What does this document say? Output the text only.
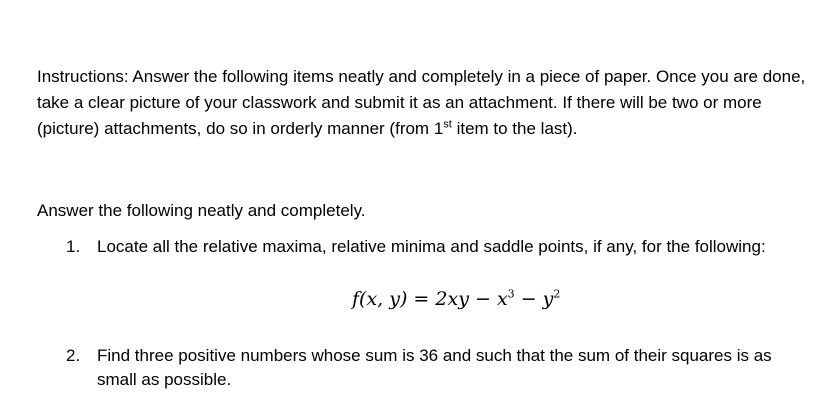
Instructions: Answer the following items neatly and completely in a piece of paper. Once you are done, take a clear picture of your classwork and submit it as an attachment. If there will be two or more (picture) attachments, do so in orderly manner (from 1st item to the last).
Answer the following neatly and completely.
1. Locate all the relative maxima, relative minima and saddle points, if any, for the following:
f(x, $y) = 2xy - x^3 - y^2$
2. Find three positive numbers whose sum is 36 and such that the sum of their squares is as small as possible.
